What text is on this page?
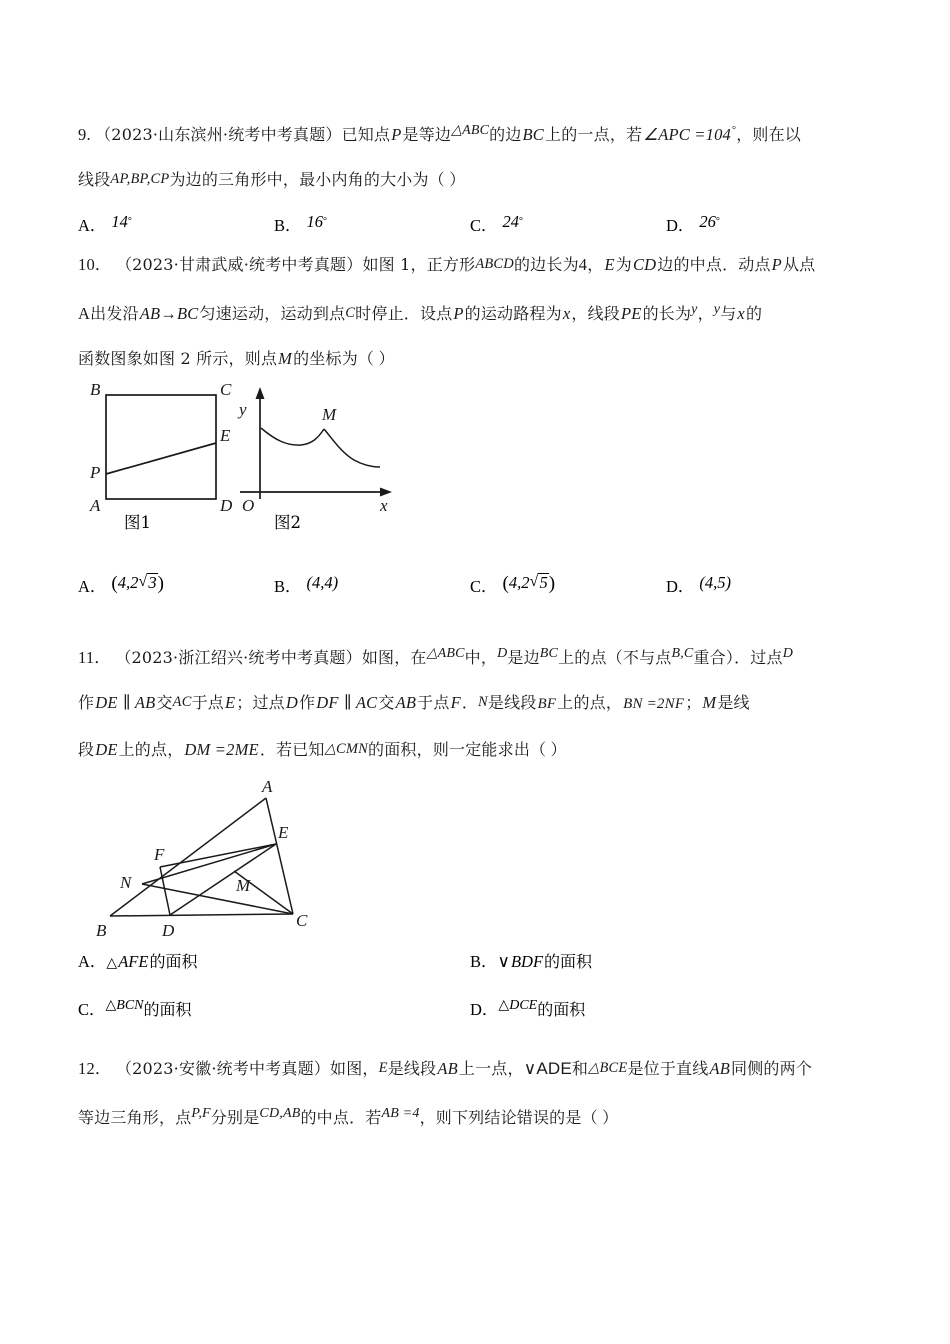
9. （2023·山东滨州·统考中考真题）已知点P是等边△ABC的边BC上的一点，若∠APC =104°，则在以
线段AP,BP,CP为边的三角形中，最小内角的大小为（ ）
A． 14°	B． 16°	C． 24°	D． 26°
10． （2023·甘肃武威·统考中考真题）如图 1，正方形ABCD的边长为4，E为CD边的中点．动点P从点
A出发沿AB→BC匀速运动，运动到点C时停止．设点P的运动路程为x，线段PE的长为y，y与x的
函数图象如图 2 所示，则点M的坐标为（ ）
B	C
P
E
A	D
图1
y
O	x
M
图2
A． (4,2 √ 3)	B． (4,4)	C． (4,2 √ 5)	D． (4,5)
11． （2023·浙江绍兴·统考中考真题）如图，在△ABC中，D是边BC上的点（不与点B,C重合）．过点D
作DE ∥ AB交AC于点E；过点D作DF ∥ AC交AB于点F．N是线段BF上的点，BN =2NF；M是线
段DE上的点，DM =2ME．若已知△CMN的面积，则一定能求出（ ）
A
E
F
N	M
B	D
C
A．△AFE的面积	B．∨BDF的面积
C．△BCN的面积	D．△DCE的面积
12． （2023·安徽·统考中考真题）如图，E是线段AB上一点，∨ADE和△BCE是位于直线AB同侧的两个
等边三角形，点P,F分别是CD,AB的中点．若AB =4，则下列结论错误的是（ ）
